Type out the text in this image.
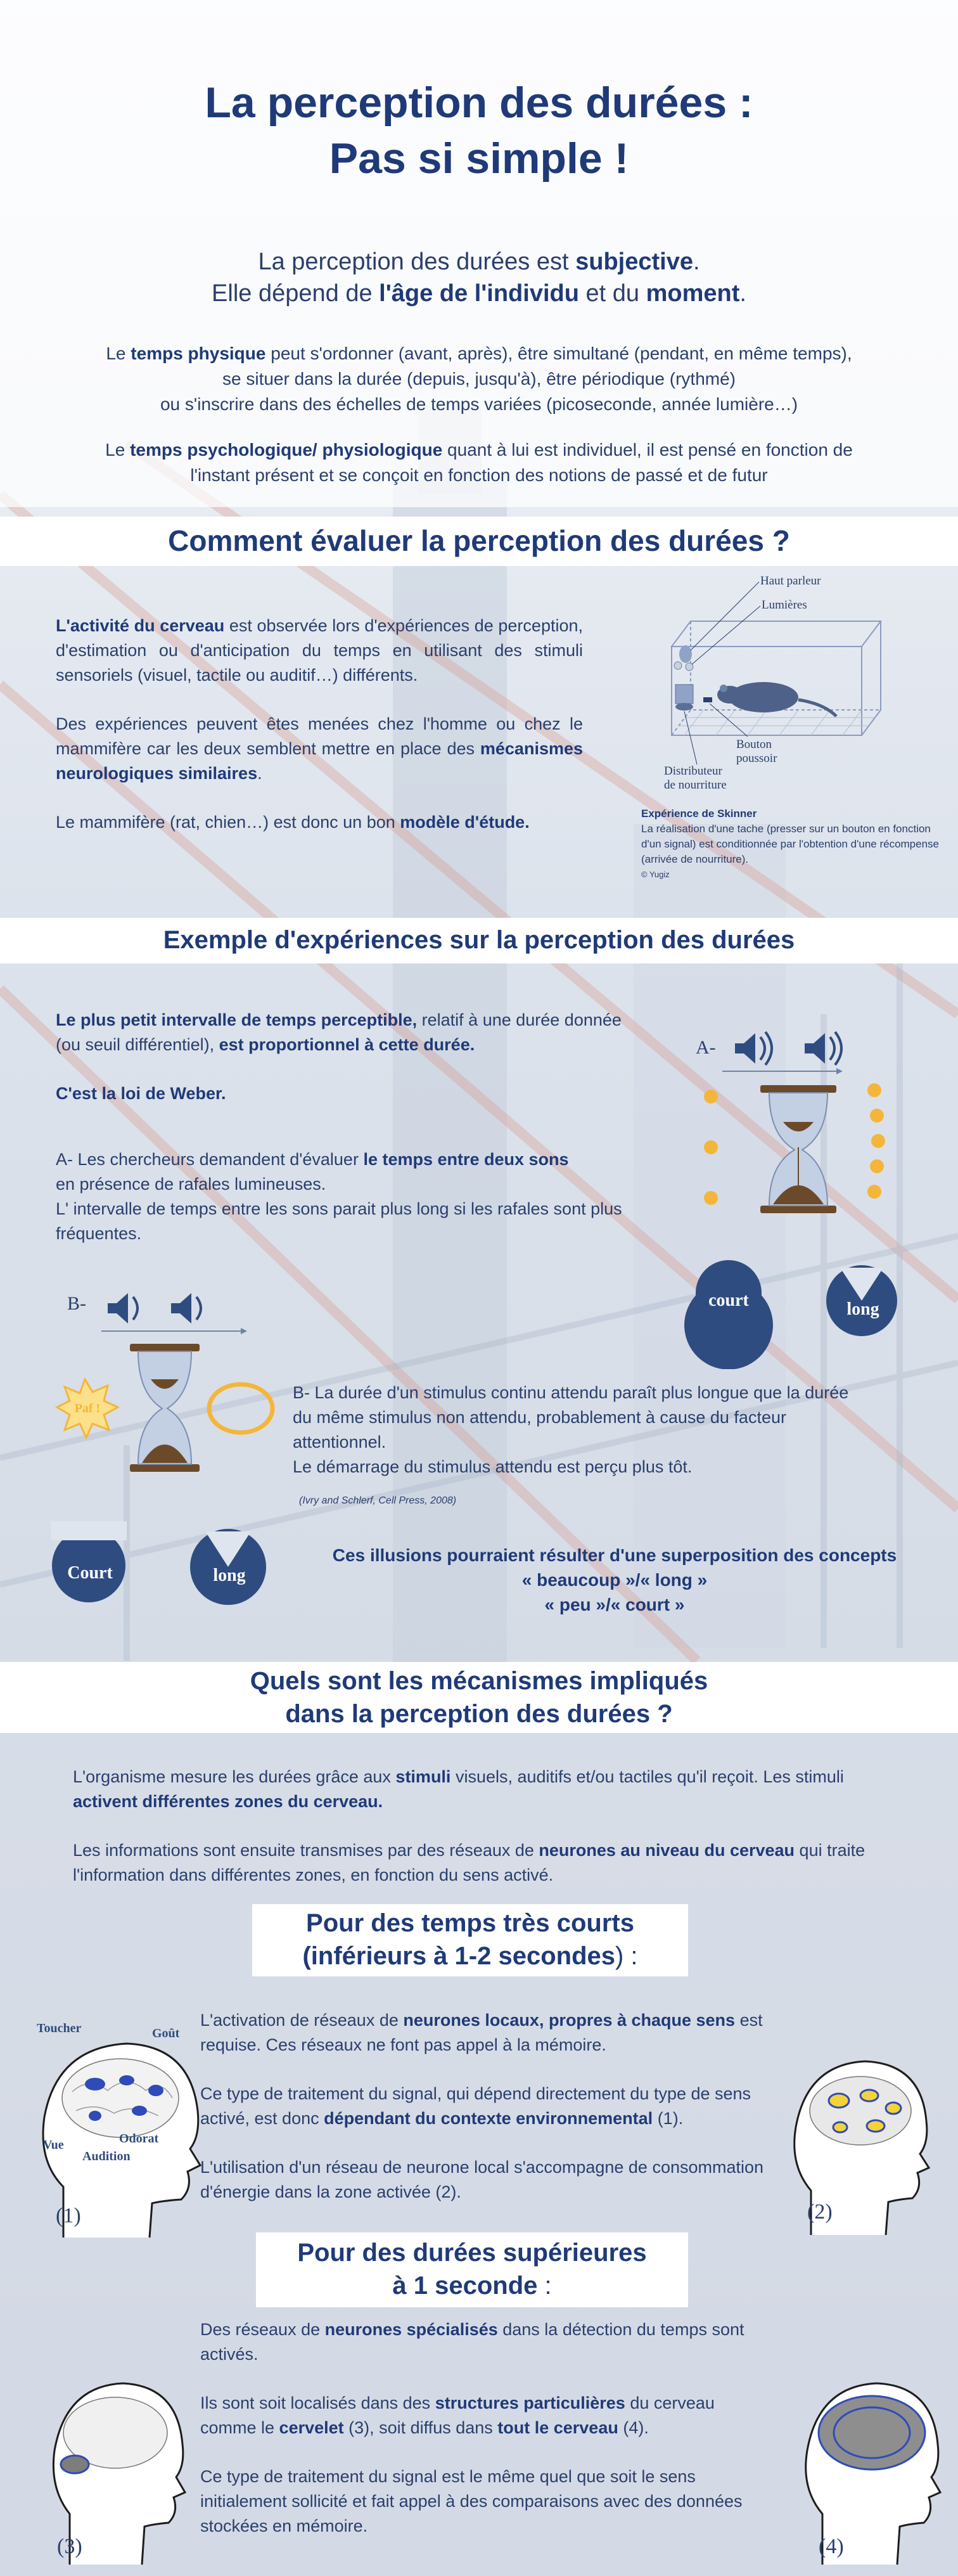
La perception des durées :
Pas si simple !
La perception des durées est subjective.
Elle dépend de l'âge de l'individu et du moment.
Le temps physique peut s'ordonner (avant, après), être simultané (pendant, en même temps),
se situer dans la durée (depuis, jusqu'à), être périodique (rythmé)
ou s'inscrire dans des échelles de temps variées (picoseconde, année lumière…)
Le temps psychologique/ physiologique quant à lui est individuel, il est pensé en fonction de
l'instant présent et se conçoit en fonction des notions de passé et de futur
Comment évaluer la perception des durées ?

L'activité du cerveau est observée lors d'expériences de perception, d'estimation ou d'anticipation du temps en utilisant des stimuli sensoriels (visuel, tactile ou auditif…) différents.

Des expériences peuvent êtes menées chez l'homme ou chez le mammifère car les deux semblent mettre en place des mécanismes neurologiques similaires.

Le mammifère (rat, chien…) est donc un bon modèle d'étude.

Haut parleur
Lumières
Bouton
poussoir
Distributeur
de nourriture
Expérience de Skinner
La réalisation d'une tache (presser sur un bouton en fonction d'un signal) est conditionnée par l'obtention d'une récompense (arrivée de nourriture).
© Yugiz
Exemple d'expériences sur la perception des durées

Le plus petit intervalle de temps perceptible, relatif à une durée donnée (ou seuil différentiel), est proportionnel à cette durée.

C'est la loi de Weber.

A- Les chercheurs demandent d'évaluer le temps entre deux sons
en présence de rafales lumineuses.
L' intervalle de temps entre les sons parait plus long si les rafales sont plus fréquentes.
A-
court	long
B-
Paf !
B- La durée d'un stimulus continu attendu paraît plus longue que la durée du même stimulus non attendu, probablement à cause du facteur attentionnel.
Le démarrage du stimulus attendu est perçu plus tôt.
(Ivry and Schlerf, Cell Press, 2008)
Court	long
Ces illusions pourraient résulter d'une superposition des concepts
« beaucoup »/« long »
« peu »/« court »
Quels sont les mécanismes impliqués
dans la perception des durées ?

L'organisme mesure les durées grâce aux stimuli visuels, auditifs et/ou tactiles qu'il reçoit. Les stimuli activent différentes zones du cerveau.

Les informations sont ensuite transmises par des réseaux de neurones au niveau du cerveau qui traite l'information dans différentes zones, en fonction du sens activé.

Pour des temps très courts
(inférieurs à 1-2 secondes) :

L'activation de réseaux de neurones locaux, propres à chaque sens est requise. Ces réseaux ne font pas appel à la mémoire.

Ce type de traitement du signal, qui dépend directement du type de sens activé, est donc dépendant du contexte environnemental (1).

L'utilisation d'un réseau de neurone local s'accompagne de consommation d'énergie dans la zone activée (2).

Toucher	Goût
Vue	Odorat
Audition
(1)	(2)
Pour des durées supérieures
à 1 seconde :

Des réseaux de neurones spécialisés dans la détection du temps sont activés.

Ils sont soit localisés dans des structures particulières du cerveau comme le cervelet (3), soit diffus dans tout le cerveau (4).

Ce type de traitement du signal est le même quel que soit le sens initialement sollicité et fait appel à des comparaisons avec des données stockées en mémoire.

(3)	(4)
